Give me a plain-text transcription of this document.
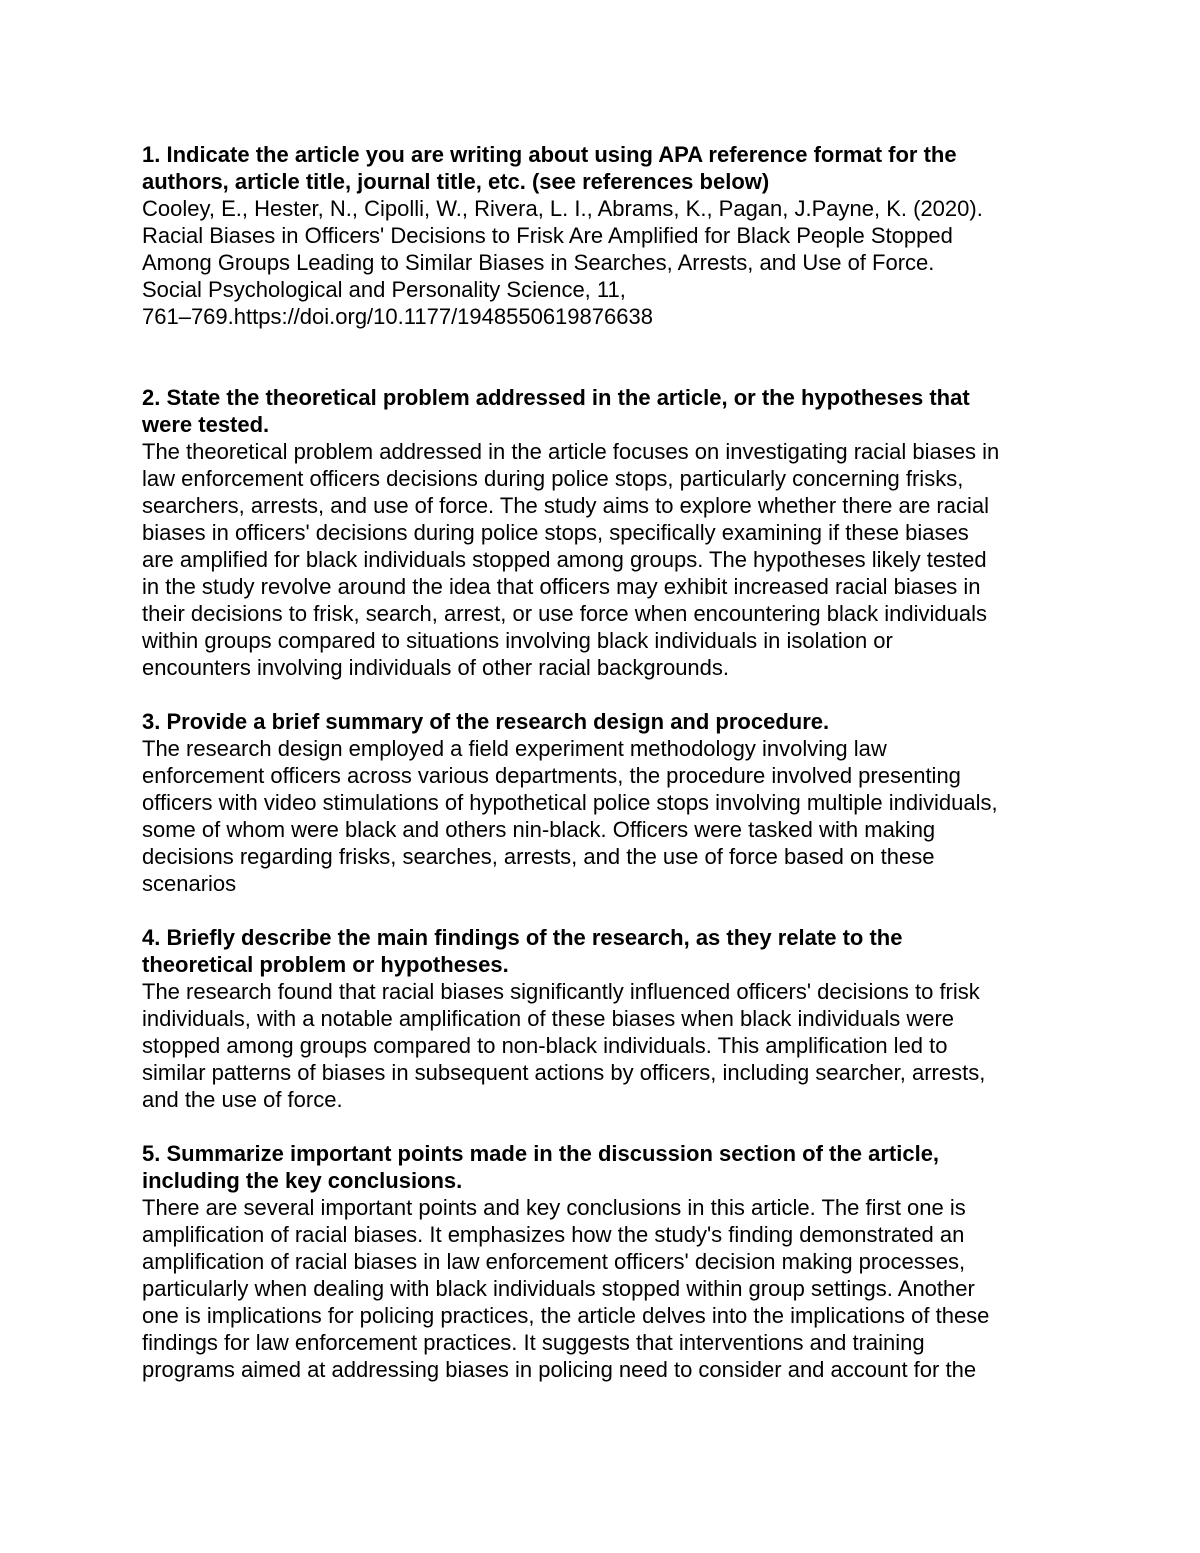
1. Indicate the article you are writing about using APA reference format for the
authors, article title, journal title, etc. (see references below)
Cooley, E., Hester, N., Cipolli, W., Rivera, L. I., Abrams, K., Pagan, J.Payne, K. (2020).
Racial Biases in Officers' Decisions to Frisk Are Amplified for Black People Stopped
Among Groups Leading to Similar Biases in Searches, Arrests, and Use of Force.
Social Psychological and Personality Science, 11,
761–769.https://doi.org/10.1177/1948550619876638
2. State the theoretical problem addressed in the article, or the hypotheses that
were tested.
The theoretical problem addressed in the article focuses on investigating racial biases in
law enforcement officers decisions during police stops, particularly concerning frisks,
searchers, arrests, and use of force. The study aims to explore whether there are racial
biases in officers' decisions during police stops, specifically examining if these biases
are amplified for black individuals stopped among groups. The hypotheses likely tested
in the study revolve around the idea that officers may exhibit increased racial biases in
their decisions to frisk, search, arrest, or use force when encountering black individuals
within groups compared to situations involving black individuals in isolation or
encounters involving individuals of other racial backgrounds.
3. Provide a brief summary of the research design and procedure.
The research design employed a field experiment methodology involving law
enforcement officers across various departments, the procedure involved presenting
officers with video stimulations of hypothetical police stops involving multiple individuals,
some of whom were black and others nin-black. Officers were tasked with making
decisions regarding frisks, searches, arrests, and the use of force based on these
scenarios
4. Briefly describe the main findings of the research, as they relate to the
theoretical problem or hypotheses.
The research found that racial biases significantly influenced officers' decisions to frisk
individuals, with a notable amplification of these biases when black individuals were
stopped among groups compared to non-black individuals. This amplification led to
similar patterns of biases in subsequent actions by officers, including searcher, arrests,
and the use of force.
5. Summarize important points made in the discussion section of the article,
including the key conclusions.
There are several important points and key conclusions in this article. The first one is
amplification of racial biases. It emphasizes how the study's finding demonstrated an
amplification of racial biases in law enforcement officers' decision making processes,
particularly when dealing with black individuals stopped within group settings. Another
one is implications for policing practices, the article delves into the implications of these
findings for law enforcement practices. It suggests that interventions and training
programs aimed at addressing biases in policing need to consider and account for the
